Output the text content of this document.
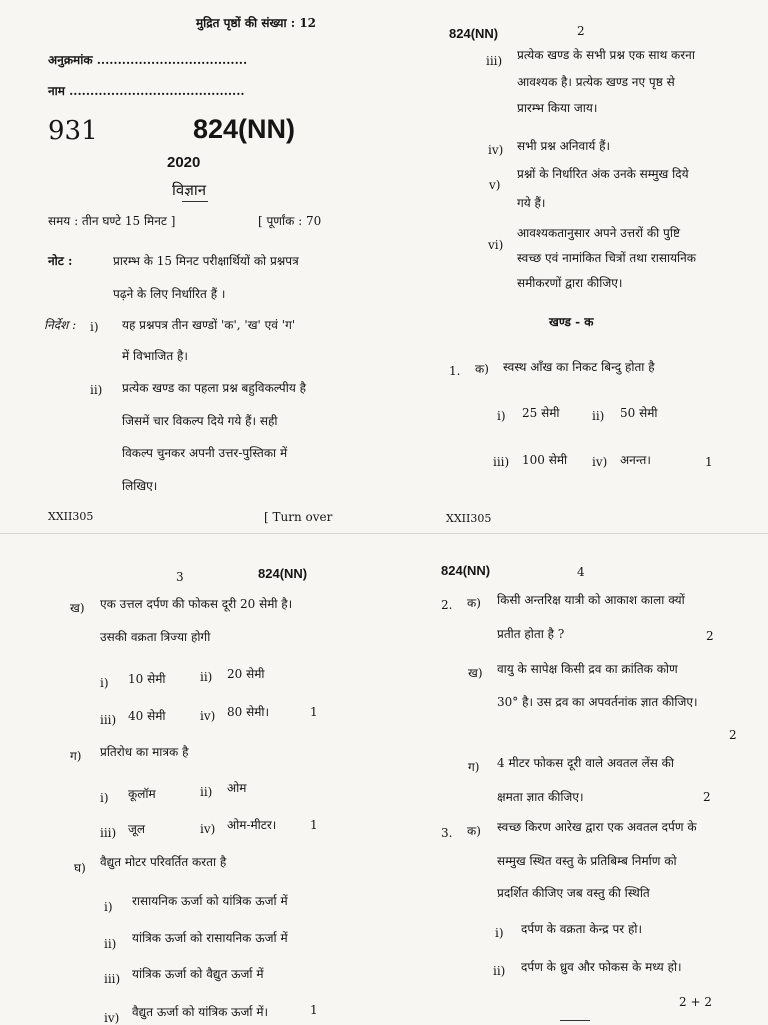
मुद्रित पृष्ठों की संख्या : 12
अनुक्रमांक ....................................
नाम ..........................................
931	824(NN)
2020
विज्ञान
समय : तीन घण्टे 15 मिनट ]	[ पूर्णांक : 70
नोट :	प्रारम्भ के 15 मिनट परीक्षार्थियों को प्रश्नपत्र
पढ़ने के लिए निर्धारित हैं ।
निर्देश : i) यह प्रश्नपत्र तीन खण्डों 'क', 'ख' एवं 'ग'
में विभाजित है।
ii) प्रत्येक खण्ड का पहला प्रश्न बहुविकल्पीय है
जिसमें चार विकल्प दिये गये हैं। सही
विकल्प चुनकर अपनी उत्तर-पुस्तिका में
लिखिए।
XXII305	[ Turn over
824(NN)	2
iii) प्रत्येक खण्ड के सभी प्रश्न एक साथ करना
आवश्यक है। प्रत्येक खण्ड नए पृष्ठ से
प्रारम्भ किया जाय।
iv) सभी प्रश्न अनिवार्य हैं।
v)
प्रश्नों के निर्धारित अंक उनके सम्मुख दिये
गये हैं।
vi)
आवश्यकतानुसार अपने उत्तरों की पुष्टि
स्वच्छ एवं नामांकित चित्रों तथा रासायनिक
समीकरणों द्वारा कीजिए।
खण्ड - क
1. क) स्वस्थ आँख का निकट बिन्दु होता है
i) 25 सेमी	ii) 50 सेमी
iii) 100 सेमी iv) अनन्त।	1
XXII305
3	824(NN)
ख) एक उत्तल दर्पण की फोकस दूरी 20 सेमी है।
उसकी वक्रता त्रिज्या होगी
i) 10 सेमी	ii) 20 सेमी
iii) 40 सेमी	iv) 80 सेमी।	1
ग) प्रतिरोध का मात्रक है
i) कूलॉम	ii) ओम
iii) जूल	iv) ओम-मीटर।	1
घ) वैद्युत मोटर परिवर्तित करता है
i) रासायनिक ऊर्जा को यांत्रिक ऊर्जा में
ii) यांत्रिक ऊर्जा को रासायनिक ऊर्जा में
iii) यांत्रिक ऊर्जा को वैद्युत ऊर्जा में
iv) वैद्युत ऊर्जा को यांत्रिक ऊर्जा में।	1
824(NN)	4
2. क) किसी अन्तरिक्ष यात्री को आकाश काला क्यों
प्रतीत होता है ?	2
ख) वायु के सापेक्ष किसी द्रव का क्रांतिक कोण
30° है। उस द्रव का अपवर्तनांक ज्ञात कीजिए।
2
ग) 4 मीटर फोकस दूरी वाले अवतल लेंस की
क्षमता ज्ञात कीजिए।	2
3. क) स्वच्छ किरण आरेख द्वारा एक अवतल दर्पण के
सम्मुख स्थित वस्तु के प्रतिबिम्ब निर्माण को
प्रदर्शित कीजिए जब वस्तु की स्थिति
i) दर्पण के वक्रता केन्द्र पर हो।
ii) दर्पण के ध्रुव और फोकस के मध्य हो।
2 + 2
